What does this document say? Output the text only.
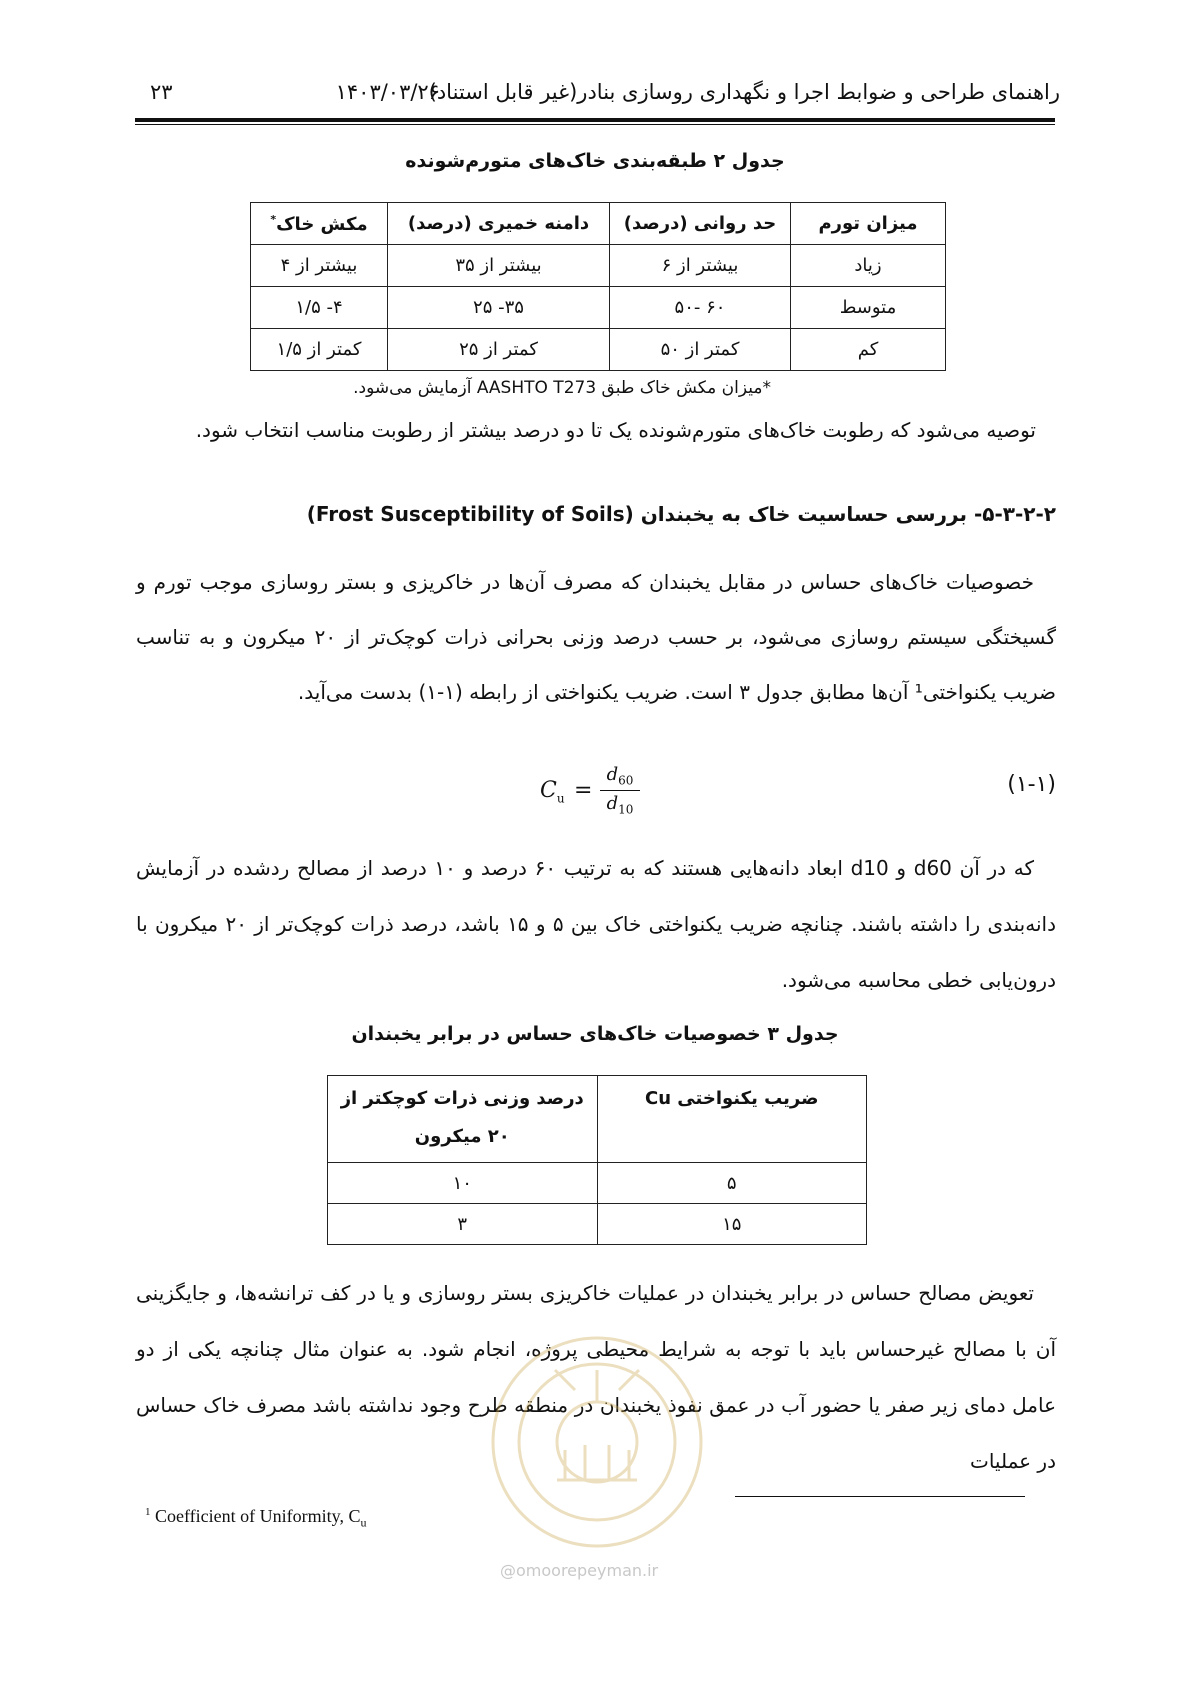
راهنمای طراحی و ضوابط اجرا و نگهداری روسازی بنادر(غیر قابل استناد)
۱۴۰۳/۰۳/۲۶
۲۳
جدول ۲ طبقه‌بندی خاک‌های متورم‌شونده
میزان تورم	حد روانی (درصد)	دامنه خمیری (درصد)	مکش خاک*
زیاد	بیشتر از ۶	بیشتر از ۳۵	بیشتر از ۴
متوسط	۶۰ -۵۰	۳۵- ۲۵	۴- ۱/۵
کم	کمتر از ۵۰	کمتر از ۲۵	کمتر از ۱/۵
*میزان مکش خاک طبق AASHTO T273 آزمایش می‌شود.
توصیه می‌شود که رطوبت خاک‌های متورم‌شونده یک تا دو درصد بیشتر از رطوبت مناسب انتخاب شود.
۵-۳-۲-۲- بررسی حساسیت خاک به یخبندان (Frost Susceptibility of Soils)
خصوصیات خاک‌های حساس در مقابل یخبندان که مصرف آن‌ها در خاکریزی و بستر روسازی موجب تورم و گسیختگی سیستم روسازی می‌شود، بر حسب درصد وزنی بحرانی ذرات کوچک‌تر از ۲۰ میکرون و به تناسب ضریب یکنواختی¹ آن‌ها مطابق جدول ۳ است. ضریب یکنواختی از رابطه (۱-۱) بدست می‌آید.
$C_u$ =
$d_{60}$
$d_{10}$
(۱-۱)
که در آن d60 و d10 ابعاد دانه‌هایی هستند که به ترتیب ۶۰ درصد و ۱۰ درصد از مصالح ردشده در آزمایش دانه‌بندی را داشته باشند. چنانچه ضریب یکنواختی خاک بین ۵ و ۱۵ باشد، درصد ذرات کوچک‌تر از ۲۰ میکرون با درون‌یابی خطی محاسبه می‌شود.
جدول ۳ خصوصیات خاک‌های حساس در برابر یخبندان
ضریب یکنواختی Cu	درصد وزنی ذرات کوچکتر از ۲۰ میکرون
۵	۱۰
۱۵	۳
تعویض مصالح حساس در برابر یخبندان در عملیات خاکریزی بستر روسازی و یا در کف ترانشه‌ها، و جایگزینی آن با مصالح غیرحساس باید با توجه به شرایط محیطی پروژه، انجام شود. به عنوان مثال چنانچه یکی از دو عامل دمای زیر صفر یا حضور آب در عمق نفوذ یخبندان در منطقه طرح وجود نداشته باشد مصرف خاک حساس در عملیات
@omoorepeyman.ir
$^1$ Coefficient of Uniformity, $C_u$
